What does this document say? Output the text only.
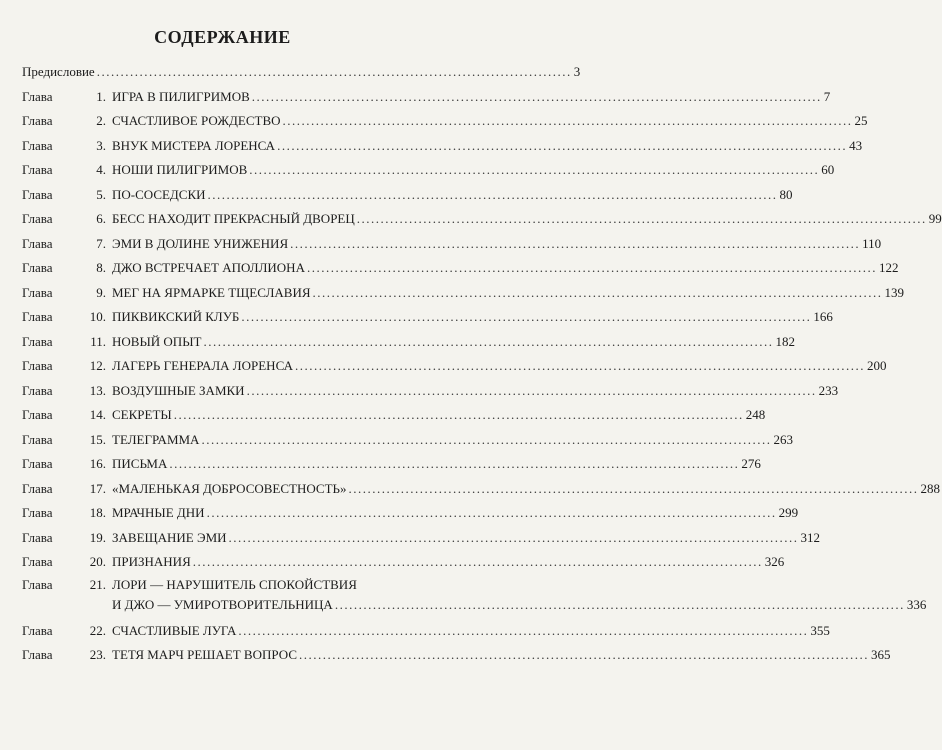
СОДЕРЖАНИЕ
Предисловие .................................................................................................... 3
Глава	1. ИГРА В ПИЛИГРИМОВ ........................................................................................................................ 7
Глава	2. СЧАСТЛИВОЕ РОЖДЕСТВО ........................................................................................................................ 25
Глава	3. ВНУК МИСТЕРА ЛОРЕНСА ........................................................................................................................ 43
Глава	4. НОШИ ПИЛИГРИМОВ ........................................................................................................................ 60
Глава	5. ПО-СОСЕДСКИ ........................................................................................................................ 80
Глава	6. БЕСС НАХОДИТ ПРЕКРАСНЫЙ ДВОРЕЦ ........................................................................................................................ 99
Глава	7. ЭМИ В ДОЛИНЕ УНИЖЕНИЯ ........................................................................................................................ 110
Глава	8. ДЖО ВСТРЕЧАЕТ АПОЛЛИОНА ........................................................................................................................ 122
Глава	9. МЕГ НА ЯРМАРКЕ ТЩЕСЛАВИЯ ........................................................................................................................ 139
Глава	10. ПИКВИКСКИЙ КЛУБ ........................................................................................................................ 166
Глава	11. НОВЫЙ ОПЫТ ........................................................................................................................ 182
Глава	12. ЛАГЕРЬ ГЕНЕРАЛА ЛОРЕНСА ........................................................................................................................ 200
Глава	13. ВОЗДУШНЫЕ ЗАМКИ ........................................................................................................................ 233
Глава	14. СЕКРЕТЫ ........................................................................................................................ 248
Глава	15. ТЕЛЕГРАММА ........................................................................................................................ 263
Глава	16. ПИСЬМА ........................................................................................................................ 276
Глава	17. «МАЛЕНЬКАЯ ДОБРОСОВЕСТНОСТЬ» ........................................................................................................................ 288
Глава	18. МРАЧНЫЕ ДНИ ........................................................................................................................ 299
Глава	19. ЗАВЕЩАНИЕ ЭМИ ........................................................................................................................ 312
Глава	20. ПРИЗНАНИЯ ........................................................................................................................ 326
Глава	21. ЛОРИ — НАРУШИТЕЛЬ СПОКОЙСТВИЯ
И ДЖО — УМИРОТВОРИТЕЛЬНИЦА ........................................................................................................................ 336
Глава	22. СЧАСТЛИВЫЕ ЛУГА ........................................................................................................................ 355
Глава	23. ТЕТЯ МАРЧ РЕШАЕТ ВОПРОС ........................................................................................................................ 365
